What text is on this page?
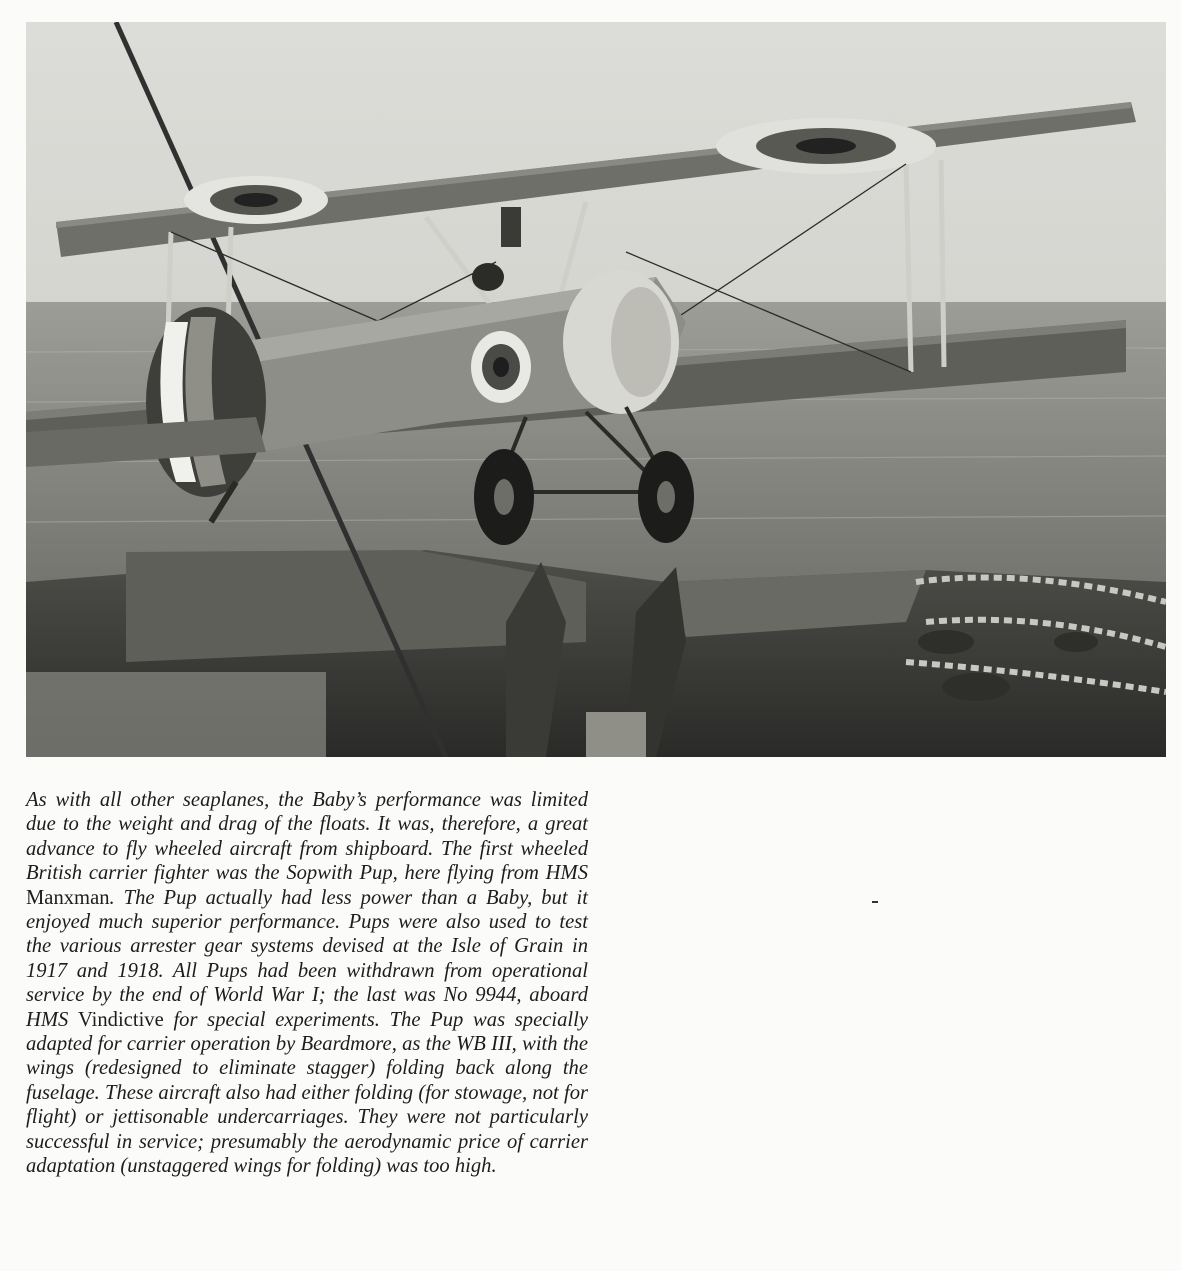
As with all other seaplanes, the Baby’s performance was limited due to the weight and drag of the floats. It was, therefore, a great advance to fly wheeled aircraft from shipboard. The first wheeled British carrier fighter was the Sopwith Pup, here flying from HMS Manxman. The Pup actually had less power than a Baby, but it enjoyed much superior performance. Pups were also used to test the various arrester gear systems devised at the Isle of Grain in 1917 and 1918. All Pups had been withdrawn from operational service by the end of World War I; the last was No 9944, aboard HMS Vindictive for special experiments. The Pup was specially adapted for carrier operation by Beardmore, as the WB III, with the wings (redesigned to eliminate stagger) folding back along the fuselage. These aircraft also had either folding (for stowage, not for flight) or jettisonable undercarriages. They were not particularly successful in service; presumably the aerodynamic price of carrier adaptation (unstaggered wings for folding) was too high.
